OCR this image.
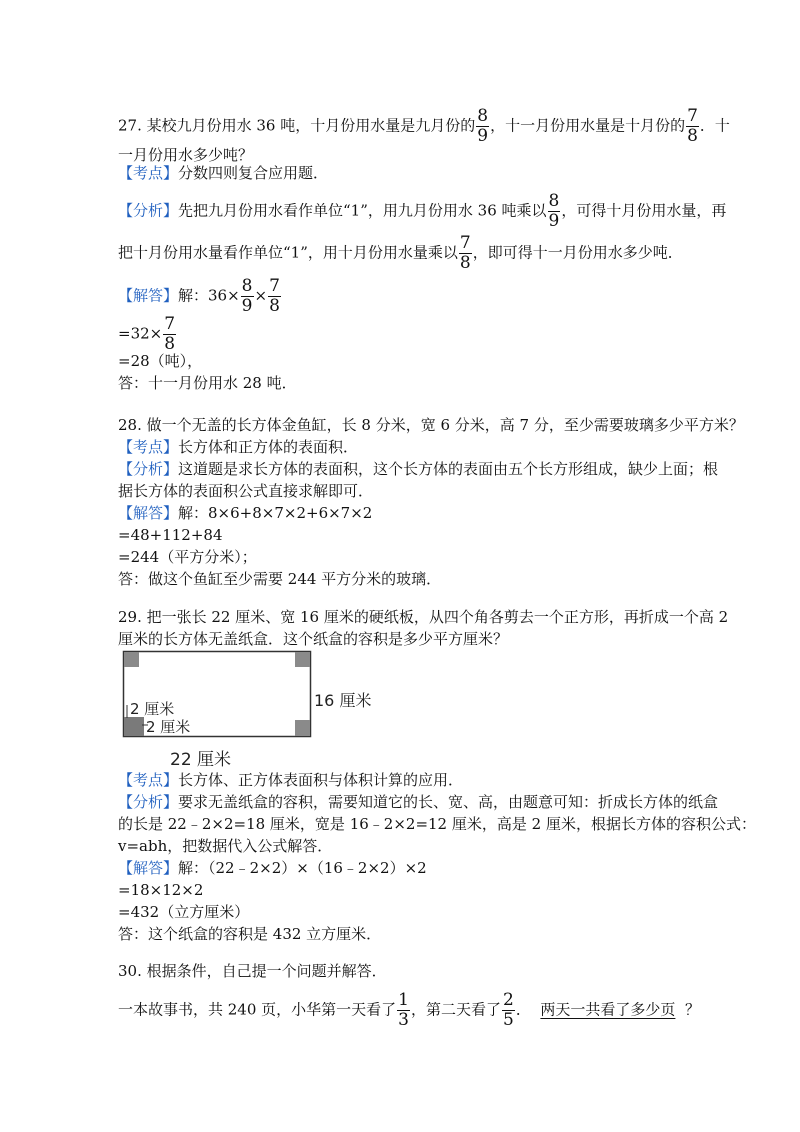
27. 某校九月份用水 36 吨，十月份用水量是九月份的 $\frac{8}{9}$ ，十一月份用水量是十月份的 $\frac{7}{8}$ ．十
一月份用水多少吨？
【考点】分数四则复合应用题．
【分析】先把九月份用水看作单位“1”，用九月份用水 36 吨乘以 $\frac{8}{9}$ ，可得十月份用水量，再
把十月份用水量看作单位“1”，用十月份用水量乘以 $\frac{7}{8}$ ，即可得十一月份用水多少吨．
【解答】解：$36\times \frac{8}{9} \times \frac{7}{8}$
$=32\times \frac{7}{8}$
=28（吨），
答：十一月份用水 28 吨．
28. 做一个无盖的长方体金鱼缸，长 8 分米，宽 6 分米，高 7 分，至少需要玻璃多少平方米？
【考点】长方体和正方体的表面积．
【分析】这道题是求长方体的表面积，这个长方体的表面由五个长方形组成，缺少上面；根
据长方体的表面积公式直接求解即可．
【解答】解：8×6+8×7×2+6×7×2
=48+112+84
=244（平方分米）；
答：做这个鱼缸至少需要 244 平方分米的玻璃．
29. 把一张长 22 厘米、宽 16 厘米的硬纸板，从四个角各剪去一个正方形，再折成一个高 2
厘米的长方体无盖纸盒．这个纸盒的容积是多少平方厘米？
2 厘米
2 厘米
16 厘米
22 厘米
【考点】长方体、正方体表面积与体积计算的应用．
【分析】要求无盖纸盒的容积，需要知道它的长、宽、高，由题意可知：折成长方体的纸盒
的长是 22﹣2×2=18 厘米，宽是 16﹣2×2=12 厘米，高是 2 厘米，根据长方体的容积公式：
v=abh，把数据代入公式解答．
【解答】解：（22﹣2×2）×（16﹣2×2）×2
=18×12×2
=432（立方厘米）
答：这个纸盒的容积是 432 立方厘米．
30. 根据条件，自己提一个问题并解答．
一本故事书，共 240 页，小华第一天看了 $\frac{1}{3}$ ，第二天看了 $\frac{2}{5}$ ． 两天一共看了多少页 ？
